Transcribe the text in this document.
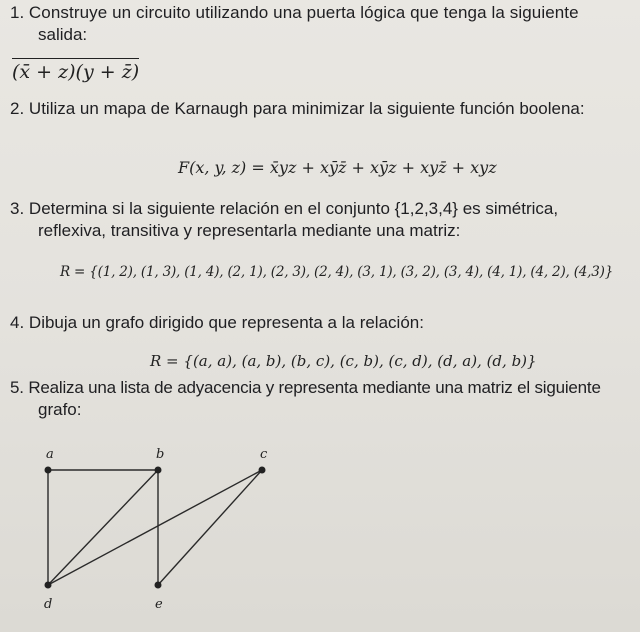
1. Construye un circuito utilizando una puerta lógica que tenga la siguiente
salida:
(x̄ + z)(y + z̄)
2. Utiliza un mapa de Karnaugh para minimizar la siguiente función boolena:
F(x, y, z) = x̄yz + xȳz̄ + xȳz + xyz̄ + xyz
3. Determina si la siguiente relación en el conjunto {1,2,3,4} es simétrica,
reflexiva, transitiva y representarla mediante una matriz:
R = {(1, 2), (1, 3), (1, 4), (2, 1), (2, 3), (2, 4), (3, 1), (3, 2), (3, 4), (4, 1), (4, 2), (4,3)}
4. Dibuja un grafo dirigido que representa a la relación:
R = {(a, a), (a, b), (b, c), (c, b), (c, d), (d, a), (d, b)}
5. Realiza una lista de adyacencia y representa mediante una matriz el siguiente
grafo:
a	b	c
d	e
